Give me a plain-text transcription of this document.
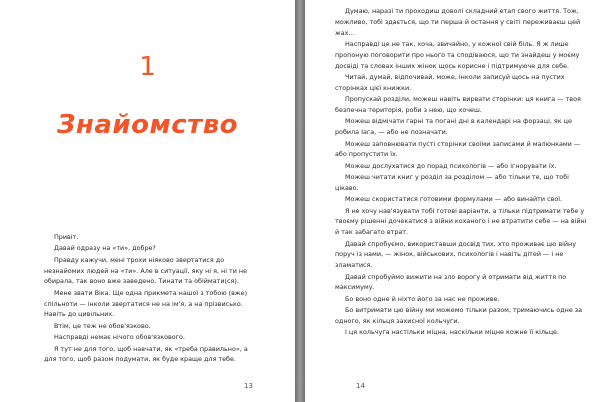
1
Знайомство
Привіт.
Давай одразу на «ти», добре?
Правду кажучи, мені трохи ніяково звертатися до незнайомих людей на «ти». Але в ситуації, яку ні я, ні ти не обирала, так воно вже заведено. Тинати та обіймати(ся).
Мене звати Віка. Ще одна прикмета нашої з тобою (вже) спільноти — інколи звертатися не на ім'я, а на прізвисько. Навіть до цивільних.
Втім, це теж не обов'язково.
Насправді немає нічого обов'язкового.
Я тут не для того, щоб навчати, як «треба правильно», а для того, щоб разом подумати, як буде краще для тебе.
13
Думаю, наразі ти проходиш доволі складний етап свого життя. Тож, можливо, тобі здається, що ти перша й остання у світі переживаєш цей жах…
Насправді це не так, хоча, звичайно, у кожної свій біль. Я ж лише пропоную поговорити про нього та сподіваюся, що ти знайдеш у моєму досвіді та словах інших жінок щось корисне і підтримуюче для себе.
Читай, думай, відпочивай, може, інколи записуй щось на пустих сторінках цієї книжки.
Пропускай розділи, можеш навіть вирвати сторінки: ця книга — твоя безпечна територія, роби з нею, що хочеш.
Можеш відмічати гарні та погані дні в календарі на форзаці, як це робила Іага, — або не позначати.
Можеш заповнювати пусті сторінки своїми записами й малюнками — або пропустити їх.
Можеш дослухатися до порад психологів — або ігнорувати їх.
Можеш читати книг у розділ за розділом — або тільки те, що тобі цікаво.
Можеш скористатися готовими формулами — або винайти свої.
Я не хочу нав'язувати тобі готові варіанти, а тільки підтримати тебе у твоєму рішенні дочекатися з війни коханого і не втратити себе — на війні й так забагато втрат.
Давай спробуємо, використавши досвід тих, хто проживає цю війну поруч із нами, — жінок, військових, психологів і навіть дітей — і не зламатися.
Давай спробуймо вижити на зло ворогу й отримати від життя по максимуму.
Бо воно одне й ніхто його за нас не проживе.
Бо витримати цю війну ми можемо тільки разом, тримаючись одне за одного, як кільця захисної кольчуги.
І ця кольчуга настільки міцна, наскільки міцне кожне її кільце.
14
